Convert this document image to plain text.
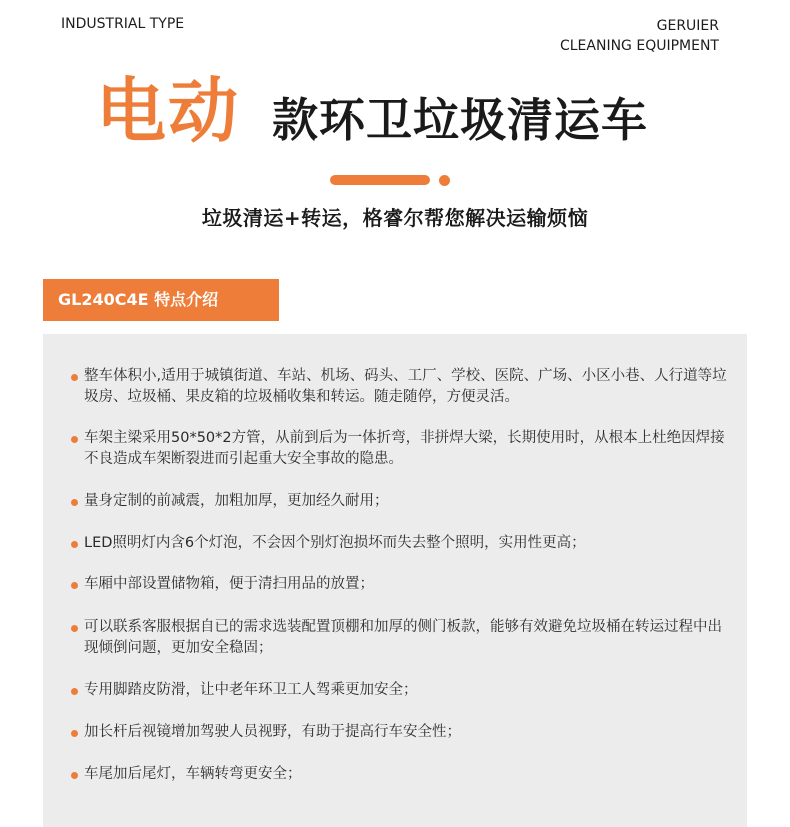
INDUSTRIAL TYPE	GERUIER
CLEANING EQUIPMENT
电动 款环卫垃圾清运车
垃圾清运+转运，格睿尔帮您解决运输烦恼
GL240C4E 特点介绍
整车体积小,适用于城镇街道、车站、机场、码头、工厂、学校、医院、广场、小区小巷、人行道等垃圾房、垃圾桶、果皮箱的垃圾桶收集和转运。随走随停，方便灵活。
车架主梁采用50*50*2方管，从前到后为一体折弯，非拼焊大梁，长期使用时，从根本上杜绝因焊接不良造成车架断裂进而引起重大安全事故的隐患。
量身定制的前减震，加粗加厚，更加经久耐用；
LED照明灯内含6个灯泡，不会因个别灯泡损坏而失去整个照明，实用性更高；
车厢中部设置储物箱，便于清扫用品的放置；
可以联系客服根据自已的需求选装配置顶棚和加厚的侧门板款，能够有效避免垃圾桶在转运过程中出现倾倒问题，更加安全稳固；
专用脚踏皮防滑，让中老年环卫工人驾乘更加安全；
加长杆后视镜增加驾驶人员视野，有助于提高行车安全性；
车尾加后尾灯，车辆转弯更安全；
